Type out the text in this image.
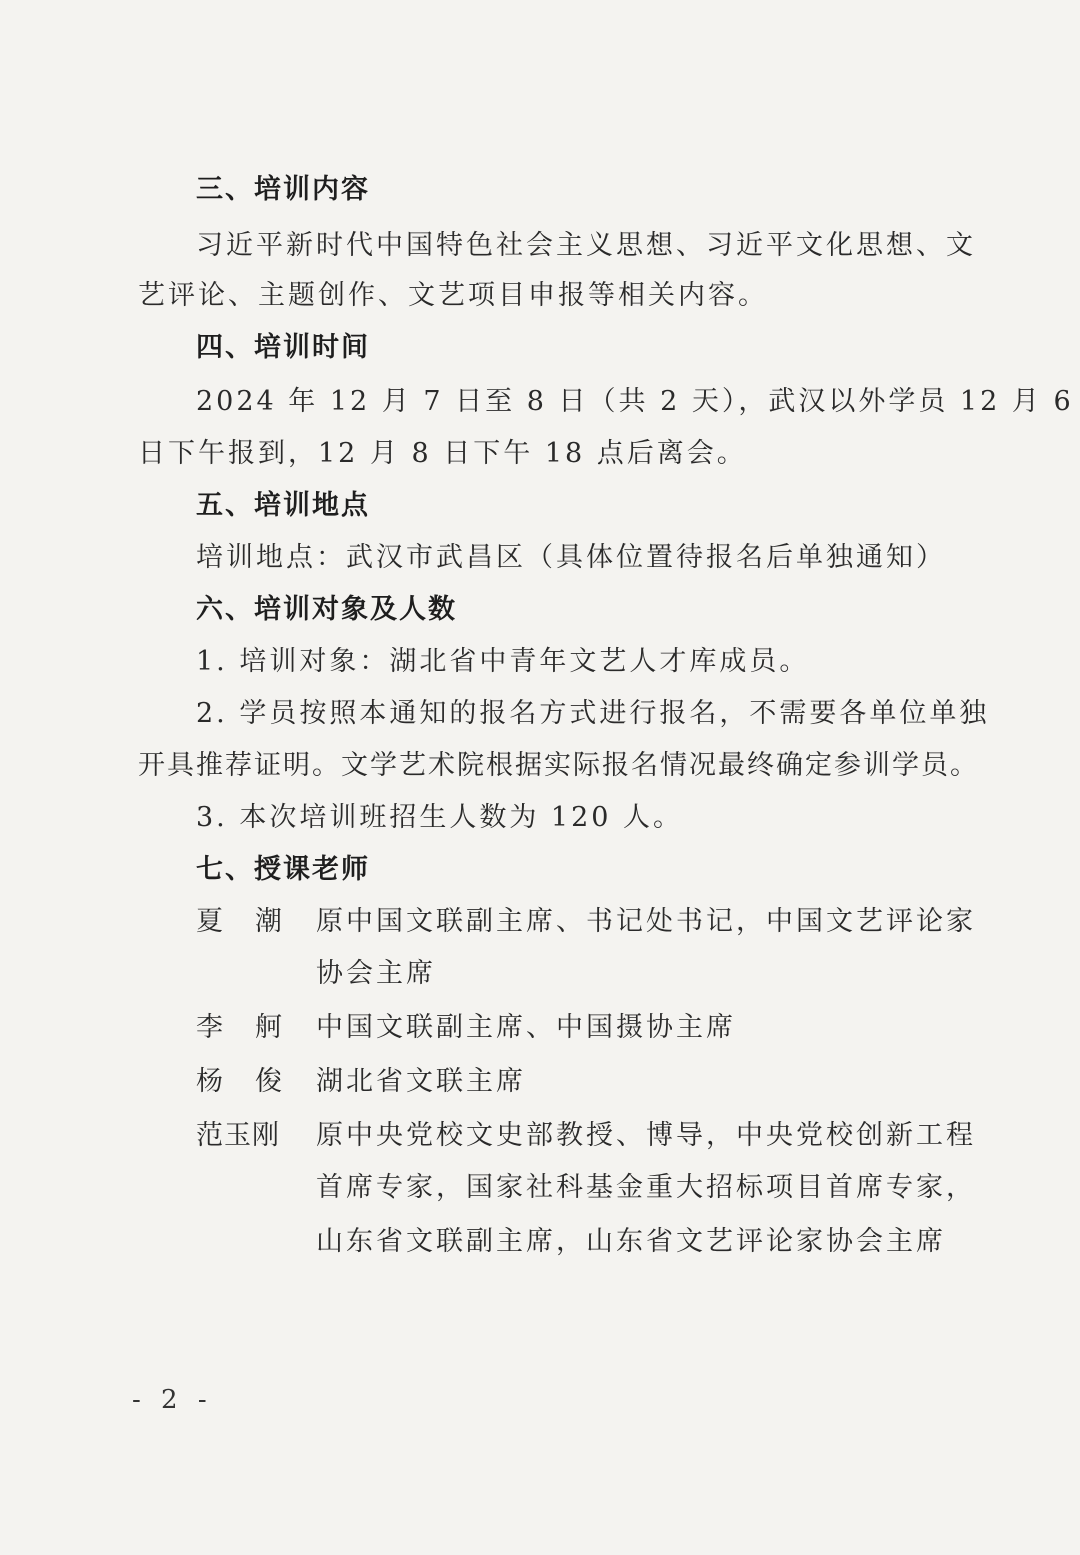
三、培训内容
习近平新时代中国特色社会主义思想、习近平文化思想、文
艺评论、主题创作、文艺项目申报等相关内容。
四、培训时间
2024 年 12 月 7 日至 8 日（共 2 天），武汉以外学员 12 月 6
日下午报到，12 月 8 日下午 18 点后离会。
五、培训地点
培训地点：武汉市武昌区（具体位置待报名后单独通知）
六、培训对象及人数
1. 培训对象：湖北省中青年文艺人才库成员。
2. 学员按照本通知的报名方式进行报名，不需要各单位单独
开具推荐证明。文学艺术院根据实际报名情况最终确定参训学员。
3. 本次培训班招生人数为 120 人。
七、授课老师
夏 潮 原中国文联副主席、书记处书记，中国文艺评论家
协会主席
李 舸 中国文联副主席、中国摄协主席
杨 俊 湖北省文联主席
范玉刚 原中央党校文史部教授、博导，中央党校创新工程
首席专家，国家社科基金重大招标项目首席专家，
山东省文联副主席，山东省文艺评论家协会主席
- 2 -
